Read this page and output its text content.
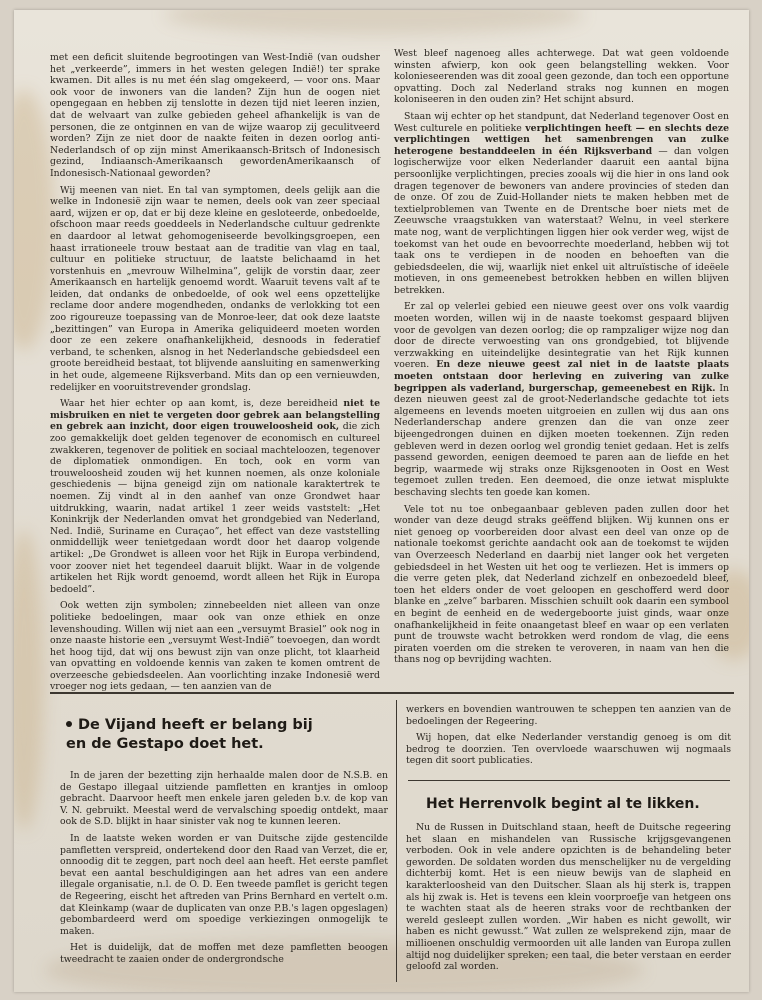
met een deficit sluitende begrootingen van West-Indië (van oudsher het „verkeerde”, immers in het westen gelegen Indië!) ter sprake kwamen. Dit alles is nu met één slag omgekeerd, — voor ons. Maar ook voor de inwoners van die landen? Zijn hun de oogen niet opengegaan en hebben zij tenslotte in dezen tijd niet leeren inzien, dat de welvaart van zulke gebieden geheel afhankelijk is van de personen, die ze ontginnen en van de wijze waarop zij geculitveerd worden? Zijn ze niet door de naakte feiten in dezen oorlog anti-Nederlandsch of op zijn minst Amerikaansch-Britsch of Indonesisch gezind, Indiaansch-Amerikaansch gewordenAmerikaansch of Indonesisch-Nationaal geworden?

Wij meenen van niet. En tal van symptomen, deels gelijk aan die welke in Indonesië zijn waar te nemen, deels ook van zeer speciaal aard, wijzen er op, dat er bij deze kleine en gesloteerde, onbedoelde, ofschoon maar reeds goeddeels in Nederlandsche cultuur gedrenkte en daardoor al letwat gehomogeniseerde bevolkingsgroepen, een haast irrationeele trouw bestaat aan de traditie van vlag en taal, cultuur en politieke structuur, de laatste belichaamd in het vorstenhuis en „mevrouw Wilhelmina”, gelijk de vorstin daar, zeer Amerikaansch en hartelijk genoemd wordt. Waaruit tevens valt af te leiden, dat ondanks de onbedoelde, of ook wel eens opzettelijke reclame door andere mogendheden, ondanks de verlokking tot een zoo rigoureuze toepassing van de Monroe-leer, dat ook deze laatste „bezittingen” van Europa in Amerika geliquideerd moeten worden door ze een zekere onafhankelijkheid, desnoods in federatief verband, te schenken, alsnog in het Nederlandsche gebiedsdeel een groote bereidheid bestaat, tot blijvende aansluiting en samenwerking in het oude, algemeene Rijksverband. Mits dan op een vernieuwden, redelijker en vooruitstrevender grondslag.

Waar het hier echter op aan komt, is, deze bereidheid niet te misbruiken en niet te vergeten door gebrek aan belangstelling en gebrek aan inzicht, door eigen trouweloosheid ook, die zich zoo gemakkelijk doet gelden tegenover de economisch en cultureel zwakkeren, tegenover de politiek en sociaal machteloozen, tegenover de diplomatiek onmondigen. En toch, ook en vorm van trouweloosheid zouden wij het kunnen noemen, als onze koloniale geschiedenis — bijna geneigd zijn om nationale karaktertrek te noemen. Zij vindt al in den aanhef van onze Grondwet haar uitdrukking, waarin, nadat artikel 1 zeer weids vaststelt: „Het Koninkrijk der Nederlanden omvat het grondgebied van Nederland, Ned. Indië, Suriname en Curaçao”, het effect van deze vaststelling onmiddellijk weer tenietgedaan wordt door het daarop volgende artikel: „De Grondwet is alleen voor het Rijk in Europa verbindend, voor zoover niet het tegendeel daaruit blijkt. Waar in de volgende artikelen het Rijk wordt genoemd, wordt alleen het Rijk in Europa bedoeld”.

Ook wetten zijn symbolen; zinnebeelden niet alleen van onze politieke bedoelingen, maar ook van onze ethiek en onze levenshouding. Willen wij niet aan een „versuymt Brasiel” ook nog in onze naaste historie een „versuymt West-Indië” toevoegen, dan wordt het hoog tijd, dat wij ons bewust zijn van onze plicht, tot klaarheid van opvatting en voldoende kennis van zaken te komen omtrent de overzeesche gebiedsdeelen. Aan voorlichting inzake Indonesië werd vroeger nog iets gedaan, — ten aanzien van de

West bleef nagenoeg alles achterwege. Dat wat geen voldoende winsten afwierp, kon ook geen belangstelling wekken. Voor kolonieseerenden was dit zooal geen gezonde, dan toch een opportune opvatting. Doch zal Nederland straks nog kunnen en mogen koloniseeren in den ouden zin? Het schijnt absurd.

Staan wij echter op het standpunt, dat Nederland tegenover Oost en West culturele en politieke verplichtingen heeft — en slechts deze verplichtingen wettigen het samenbrengen van zulke heterogene bestanddeelen in één Rijksverband — dan volgen logischerwijze voor elken Nederlander daaruit een aantal bijna persoonlijke verplichtingen, precies zooals wij die hier in ons land ook dragen tegenover de bewoners van andere provincies of steden dan de onze. Of zou de Zuid-Hollander niets te maken hebben met de textielproblemen van Twente en de Drentsche boer niets met de Zeeuwsche vraagstukken van waterstaat? Welnu, in veel sterkere mate nog, want de verplichtingen liggen hier ook verder weg, wijst de toekomst van het oude en bevoorrechte moederland, hebben wij tot taak ons te verdiepen in de nooden en behoeften van die gebiedsdeelen, die wij, waarlijk niet enkel uit altruïstische of ideëele motieven, in ons gemeenebest betrokken hebben en willen blijven betrekken.

Er zal op velerlei gebied een nieuwe geest over ons volk vaardig moeten worden, willen wij in de naaste toekomst gespaard blijven voor de gevolgen van dezen oorlog; die op rampzaliger wijze nog dan door de directe verwoesting van ons grondgebied, tot blijvende verzwakking en uiteindelijke desintegratie van het Rijk kunnen voeren. En deze nieuwe geest zal niet in de laatste plaats moeten ontstaan door herleving en zuivering van zulke begrippen als vaderland, burgerschap, gemeenebest en Rijk. In dezen nieuwen geest zal de groot-Nederlandsche gedachte tot iets algemeens en levends moeten uitgroeien en zullen wij dus aan ons Nederlanderschap andere grenzen dan die van onze zeer bijeengedrongen duinen en dijken moeten toekennen. Zijn reden gebleven werd in dezen oorlog wel grondig teniet gedaan. Het is zelfs passend geworden, eenigen deemoed te paren aan de liefde en het begrip, waarmede wij straks onze Rijksgenooten in Oost en West tegemoet zullen treden. Een deemoed, die onze ietwat misplukte beschaving slechts ten goede kan komen.

Vele tot nu toe onbegaanbaar gebleven paden zullen door het wonder van deze deugd straks geëffend blijken. Wij kunnen ons er niet genoeg op voorbereiden door alvast een deel van onze op de nationale toekomst gerichte aandacht ook aan de toekomst te wijden van Overzeesch Nederland en daarbij niet langer ook het vergeten gebiedsdeel in het Westen uit het oog te verliezen. Het is immers op die verre geten plek, dat Nederland zichzelf en onbezoedeld bleef, toen het elders onder de voet geloopen en geschofferd werd door blanke en „zelve” barbaren. Misschien schuilt ook daarin een symbool en begint de eenheid en de wedergeboorte juist ginds, waar onze onafhankelijkheid in feite onaangetast bleef en waar op een verlaten punt de trouwste wacht betrokken werd rondom de vlag, die eens piraten voerden om die streken te veroveren, in naam van hen die thans nog op bevrijding wachten.

De Vijand heeft er belang bij
en de Gestapo doet het.

In de jaren der bezetting zijn herhaalde malen door de N.S.B. en de Gestapo illegaal uitziende pamfletten en krantjes in omloop gebracht. Daarvoor heeft men enkele jaren geleden b.v. de kop van V. N. gebruikt. Meestal werd de vervalsching spoedig ontdekt, maar ook de S.D. blijkt in haar sinister vak nog te kunnen leeren.

In de laatste weken worden er van Duitsche zijde gestencilde pamfletten verspreid, ondertekend door den Raad van Verzet, die er, onnoodig dit te zeggen, part noch deel aan heeft. Het eerste pamflet bevat een aantal beschuldigingen aan het adres van een andere illegale organisatie, n.l. de O. D. Een tweede pamflet is gericht tegen de Regeering, eischt het aftreden van Prins Bernhard en vertelt o.m. dat Kleinkamp (waar de duplicaten van onze P.B.'s lagen opgeslagen) gebombardeerd werd om spoedige verkiezingen onmogelijk te maken.

Het is duidelijk, dat de moffen met deze pamfletten beoogen tweedracht te zaaien onder de ondergrondsche

werkers en bovendien wantrouwen te scheppen ten aanzien van de bedoelingen der Regeering.

Wij hopen, dat elke Nederlander verstandig genoeg is om dit bedrog te doorzien. Ten overvloede waarschuwen wij nogmaals tegen dit soort publicaties.

Het Herrenvolk begint al te likken.

Nu de Russen in Duitschland staan, heeft de Duitsche regeering het slaan en mishandelen van Russische krijgsgevangenen verboden. Ook in vele andere opzichten is de behandeling beter geworden. De soldaten worden dus menschelijker nu de vergelding dichterbij komt. Het is een nieuw bewijs van de slapheid en karakterloosheid van den Duitscher. Slaan als hij sterk is, trappen als hij zwak is. Het is tevens een klein voorproefje van hetgeen ons te wachten staat als de heeren straks voor de rechtbanken der wereld gesleept zullen worden. „Wir haben es nicht gewollt, wir haben es nicht gewusst.” Wat zullen ze welsprekend zijn, maar de millioenen onschuldig vermoorden uit alle landen van Europa zullen altijd nog duidelijker spreken; een taal, die beter verstaan en eerder geloofd zal worden.
